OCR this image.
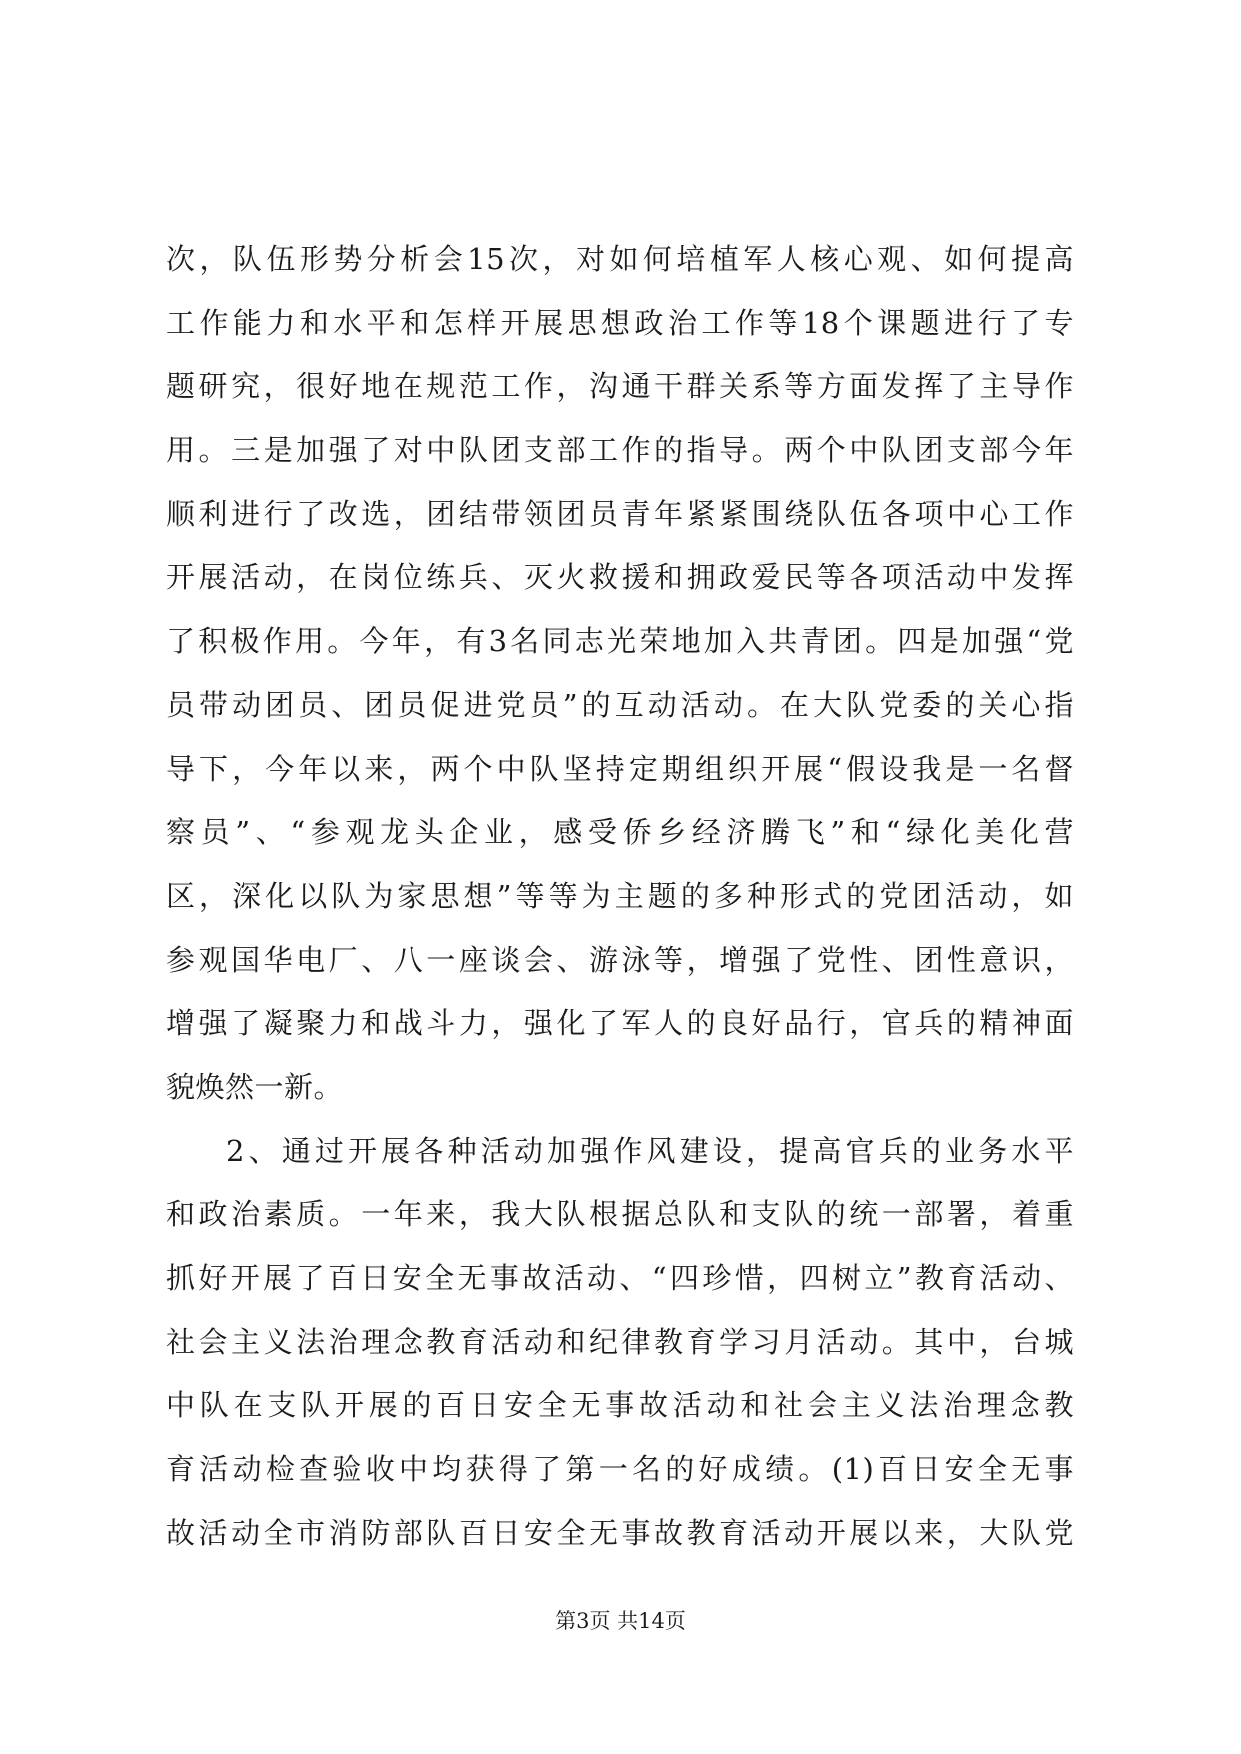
次，队伍形势分析会15次，对如何培植军人核心观、如何提高
工作能力和水平和怎样开展思想政治工作等18个课题进行了专
题研究，很好地在规范工作，沟通干群关系等方面发挥了主导作
用。三是加强了对中队团支部工作的指导。两个中队团支部今年
顺利进行了改选，团结带领团员青年紧紧围绕队伍各项中心工作
开展活动，在岗位练兵、灭火救援和拥政爱民等各项活动中发挥
了积极作用。今年，有3名同志光荣地加入共青团。四是加强“党
员带动团员、团员促进党员”的互动活动。在大队党委的关心指
导下，今年以来，两个中队坚持定期组织开展“假设我是一名督
察员”、“参观龙头企业，感受侨乡经济腾飞”和“绿化美化营
区，深化以队为家思想”等等为主题的多种形式的党团活动，如
参观国华电厂、八一座谈会、游泳等，增强了党性、团性意识，
增强了凝聚力和战斗力，强化了军人的良好品行，官兵的精神面
貌焕然一新。
2、通过开展各种活动加强作风建设，提高官兵的业务水平
和政治素质。一年来，我大队根据总队和支队的统一部署，着重
抓好开展了百日安全无事故活动、“四珍惜，四树立”教育活动、
社会主义法治理念教育活动和纪律教育学习月活动。其中，台城
中队在支队开展的百日安全无事故活动和社会主义法治理念教
育活动检查验收中均获得了第一名的好成绩。(1)百日安全无事
故活动全市消防部队百日安全无事故教育活动开展以来，大队党
第3页 共14页
